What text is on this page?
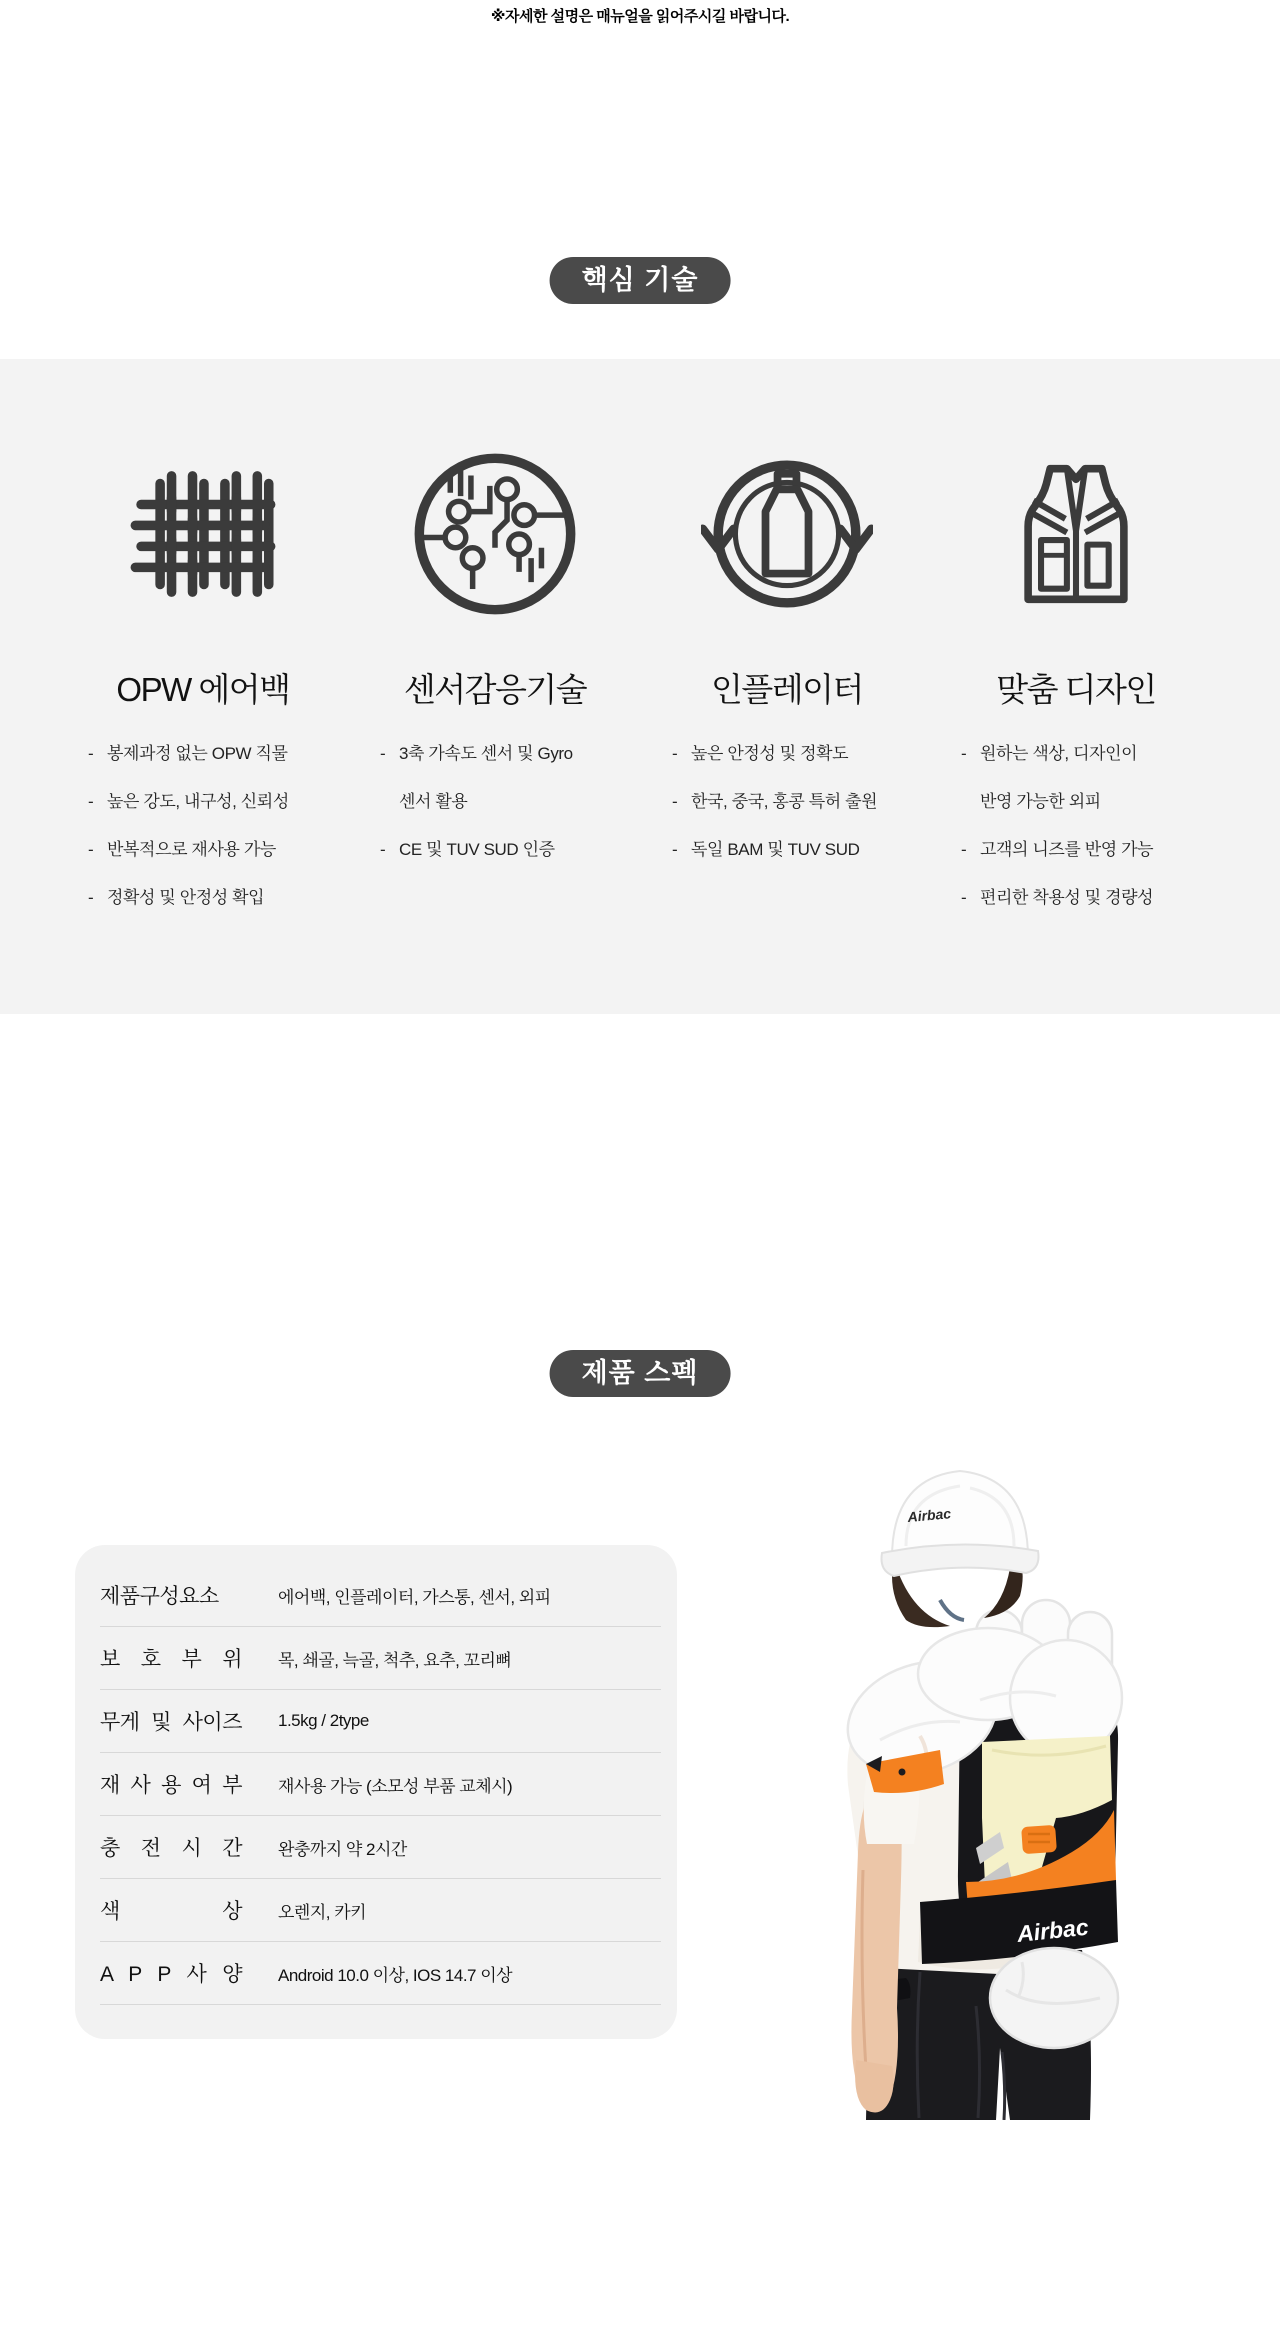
※자세한 설명은 매뉴얼을 읽어주시길 바랍니다.
핵심 기술
OPW 에어백
- 봉제과정 없는 OPW 직물
- 높은 강도, 내구성, 신뢰성
- 반복적으로 재사용 가능
- 정확성 및 안정성 확입
센서감응기술
- 3축 가속도 센서 및 Gyro
센서 활용
- CE 및 TUV SUD 인증
인플레이터
- 높은 안정성 및 정확도
- 한국, 중국, 홍콩 특허 출원
- 독일 BAM 및 TUV SUD
맞춤 디자인
- 원하는 색상, 디자인이
반영 가능한 외피
- 고객의 니즈를 반영 가능
- 편리한 착용성 및 경량성
제품 스펙
제품구성요소	에어백, 인플레이터, 가스통, 센서, 외피
보 호 부 위 목, 쇄골, 늑골, 척추, 요추, 꼬리뼈
무게 및 사이즈 1.5kg / 2type
재 사 용 여 부 재사용 가능 (소모성 부품 교체시)
충 전 시 간 완충까지 약 2시간
색 상 오렌지, 카키
A P P 사 양 Android 10.0 이상, IOS 14.7 이상
Airbac
Airbac
